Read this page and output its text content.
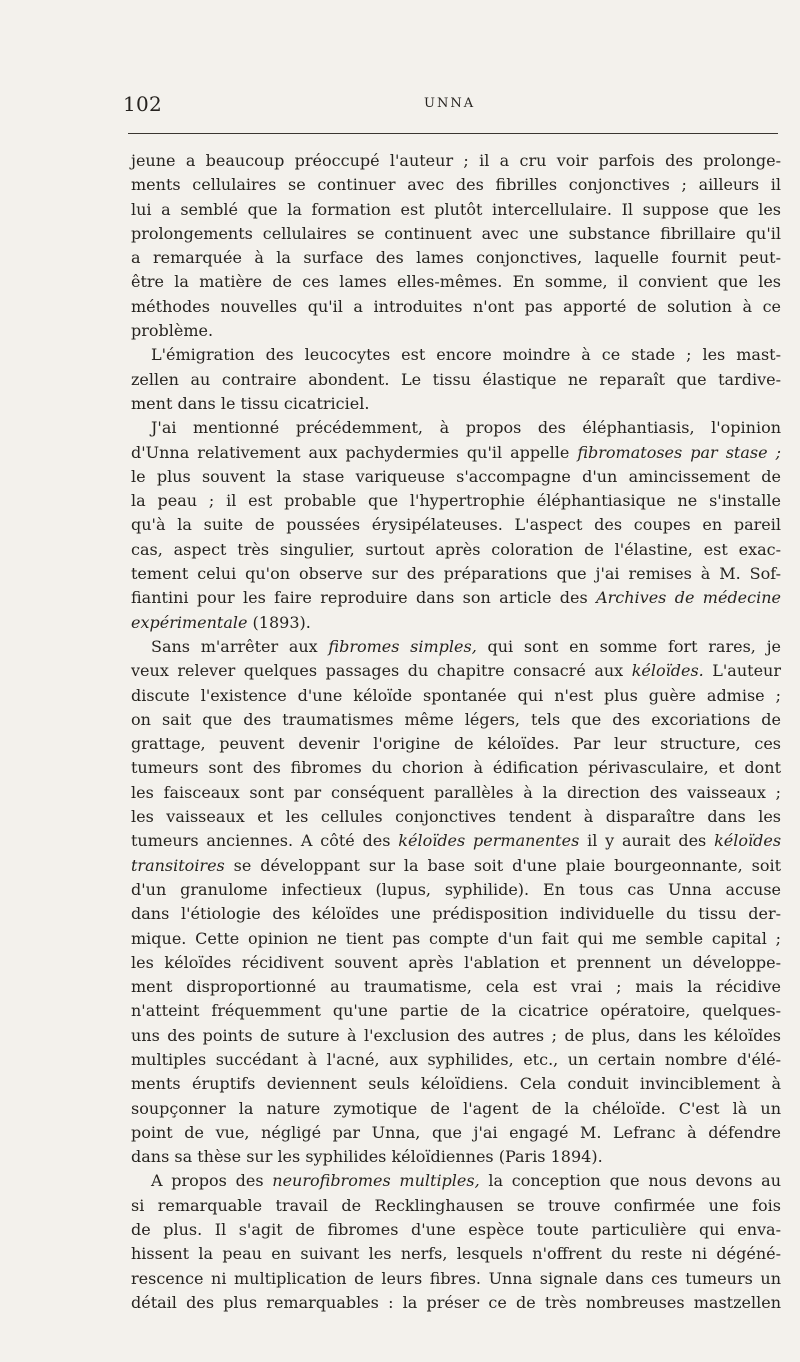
102	UNNA
jeune a beaucoup préoccupé l'auteur ; il a cru voir parfois des prolonge-
ments cellulaires se continuer avec des fibrilles conjonctives ; ailleurs il
lui a semblé que la formation est plutôt intercellulaire. Il suppose que les
prolongements cellulaires se continuent avec une substance fibrillaire qu'il
a remarquée à la surface des lames conjonctives, laquelle fournit peut-
être la matière de ces lames elles-mêmes. En somme, il convient que les
méthodes nouvelles qu'il a introduites n'ont pas apporté de solution à ce
problème.
L'émigration des leucocytes est encore moindre à ce stade ; les mast-
zellen au contraire abondent. Le tissu élastique ne reparaît que tardive-
ment dans le tissu cicatriciel.
J'ai mentionné précédemment, à propos des éléphantiasis, l'opinion
d'Unna relativement aux pachydermies qu'il appelle fibromatoses par stase ;
le plus souvent la stase variqueuse s'accompagne d'un amincissement de
la peau ; il est probable que l'hypertrophie éléphantiasique ne s'installe
qu'à la suite de poussées érysipélateuses. L'aspect des coupes en pareil
cas, aspect très singulier, surtout après coloration de l'élastine, est exac-
tement celui qu'on observe sur des préparations que j'ai remises à M. Sof-
fiantini pour les faire reproduire dans son article des Archives de médecine
expérimentale (1893).
Sans m'arrêter aux fibromes simples, qui sont en somme fort rares, je
veux relever quelques passages du chapitre consacré aux kéloïdes. L'auteur
discute l'existence d'une kéloïde spontanée qui n'est plus guère admise ;
on sait que des traumatismes même légers, tels que des excoriations de
grattage, peuvent devenir l'origine de kéloïdes. Par leur structure, ces
tumeurs sont des fibromes du chorion à édification périvasculaire, et dont
les faisceaux sont par conséquent parallèles à la direction des vaisseaux ;
les vaisseaux et les cellules conjonctives tendent à disparaître dans les
tumeurs anciennes. A côté des kéloïdes permanentes il y aurait des kéloïdes
transitoires se développant sur la base soit d'une plaie bourgeonnante, soit
d'un granulome infectieux (lupus, syphilide). En tous cas Unna accuse
dans l'étiologie des kéloïdes une prédisposition individuelle du tissu der-
mique. Cette opinion ne tient pas compte d'un fait qui me semble capital ;
les kéloïdes récidivent souvent après l'ablation et prennent un développe-
ment disproportionné au traumatisme, cela est vrai ; mais la récidive
n'atteint fréquemment qu'une partie de la cicatrice opératoire, quelques-
uns des points de suture à l'exclusion des autres ; de plus, dans les kéloïdes
multiples succédant à l'acné, aux syphilides, etc., un certain nombre d'élé-
ments éruptifs deviennent seuls kéloïdiens. Cela conduit invinciblement à
soupçonner la nature zymotique de l'agent de la chéloïde. C'est là un
point de vue, négligé par Unna, que j'ai engagé M. Lefranc à défendre
dans sa thèse sur les syphilides kéloïdiennes (Paris 1894).
A propos des neurofibromes multiples, la conception que nous devons au
si remarquable travail de Recklinghausen se trouve confirmée une fois
de plus. Il s'agit de fibromes d'une espèce toute particulière qui enva-
hissent la peau en suivant les nerfs, lesquels n'offrent du reste ni dégéné-
rescence ni multiplication de leurs fibres. Unna signale dans ces tumeurs un
détail des plus remarquables : la préser ce de très nombreuses mastzellen
